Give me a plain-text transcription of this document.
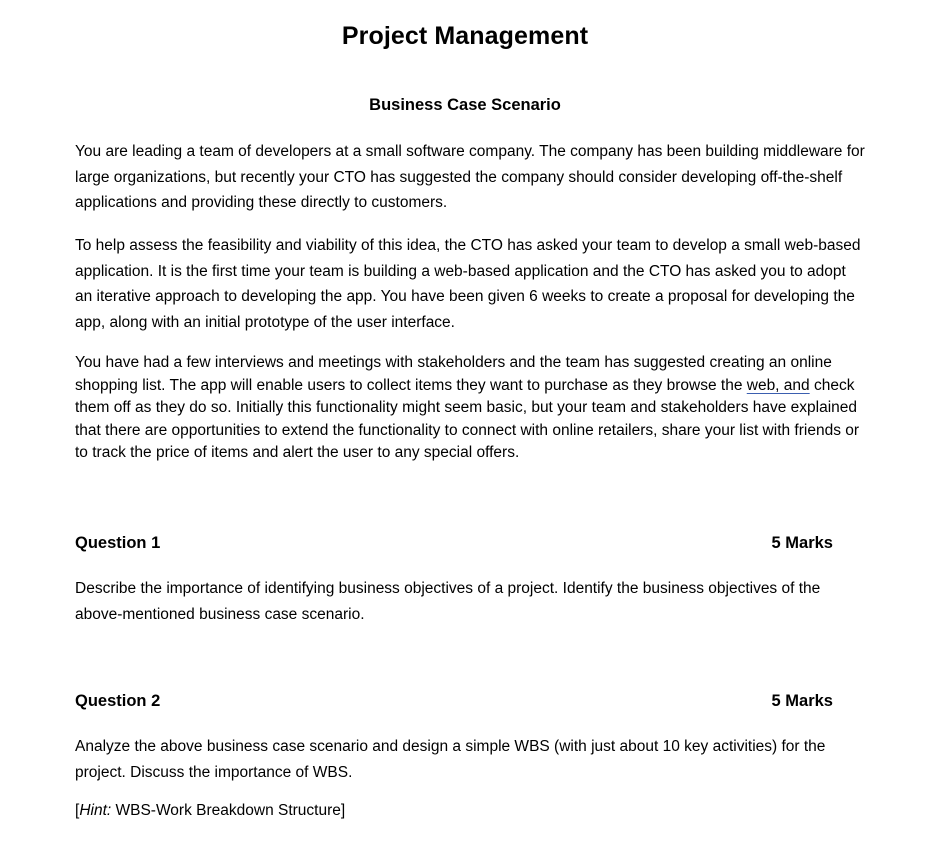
Project Management
Business Case Scenario

You are leading a team of developers at a small software company. The company has been building middleware for large organizations, but recently your CTO has suggested the company should consider developing off-the-shelf applications and providing these directly to customers.

To help assess the feasibility and viability of this idea, the CTO has asked your team to develop a small web-based application. It is the first time your team is building a web-based application and the CTO has asked you to adopt an iterative approach to developing the app. You have been given 6 weeks to create a proposal for developing the app, along with an initial prototype of the user interface.

You have had a few interviews and meetings with stakeholders and the team has suggested creating an online shopping list. The app will enable users to collect items they want to purchase as they browse the web, and check them off as they do so. Initially this functionality might seem basic, but your team and stakeholders have explained that there are opportunities to extend the functionality to connect with online retailers, share your list with friends or to track the price of items and alert the user to any special offers.

Question 1	5 Marks

Describe the importance of identifying business objectives of a project. Identify the business objectives of the above-mentioned business case scenario.

Question 2	5 Marks

Analyze the above business case scenario and design a simple WBS (with just about 10 key activities) for the project. Discuss the importance of WBS.

[Hint: WBS-Work Breakdown Structure]
